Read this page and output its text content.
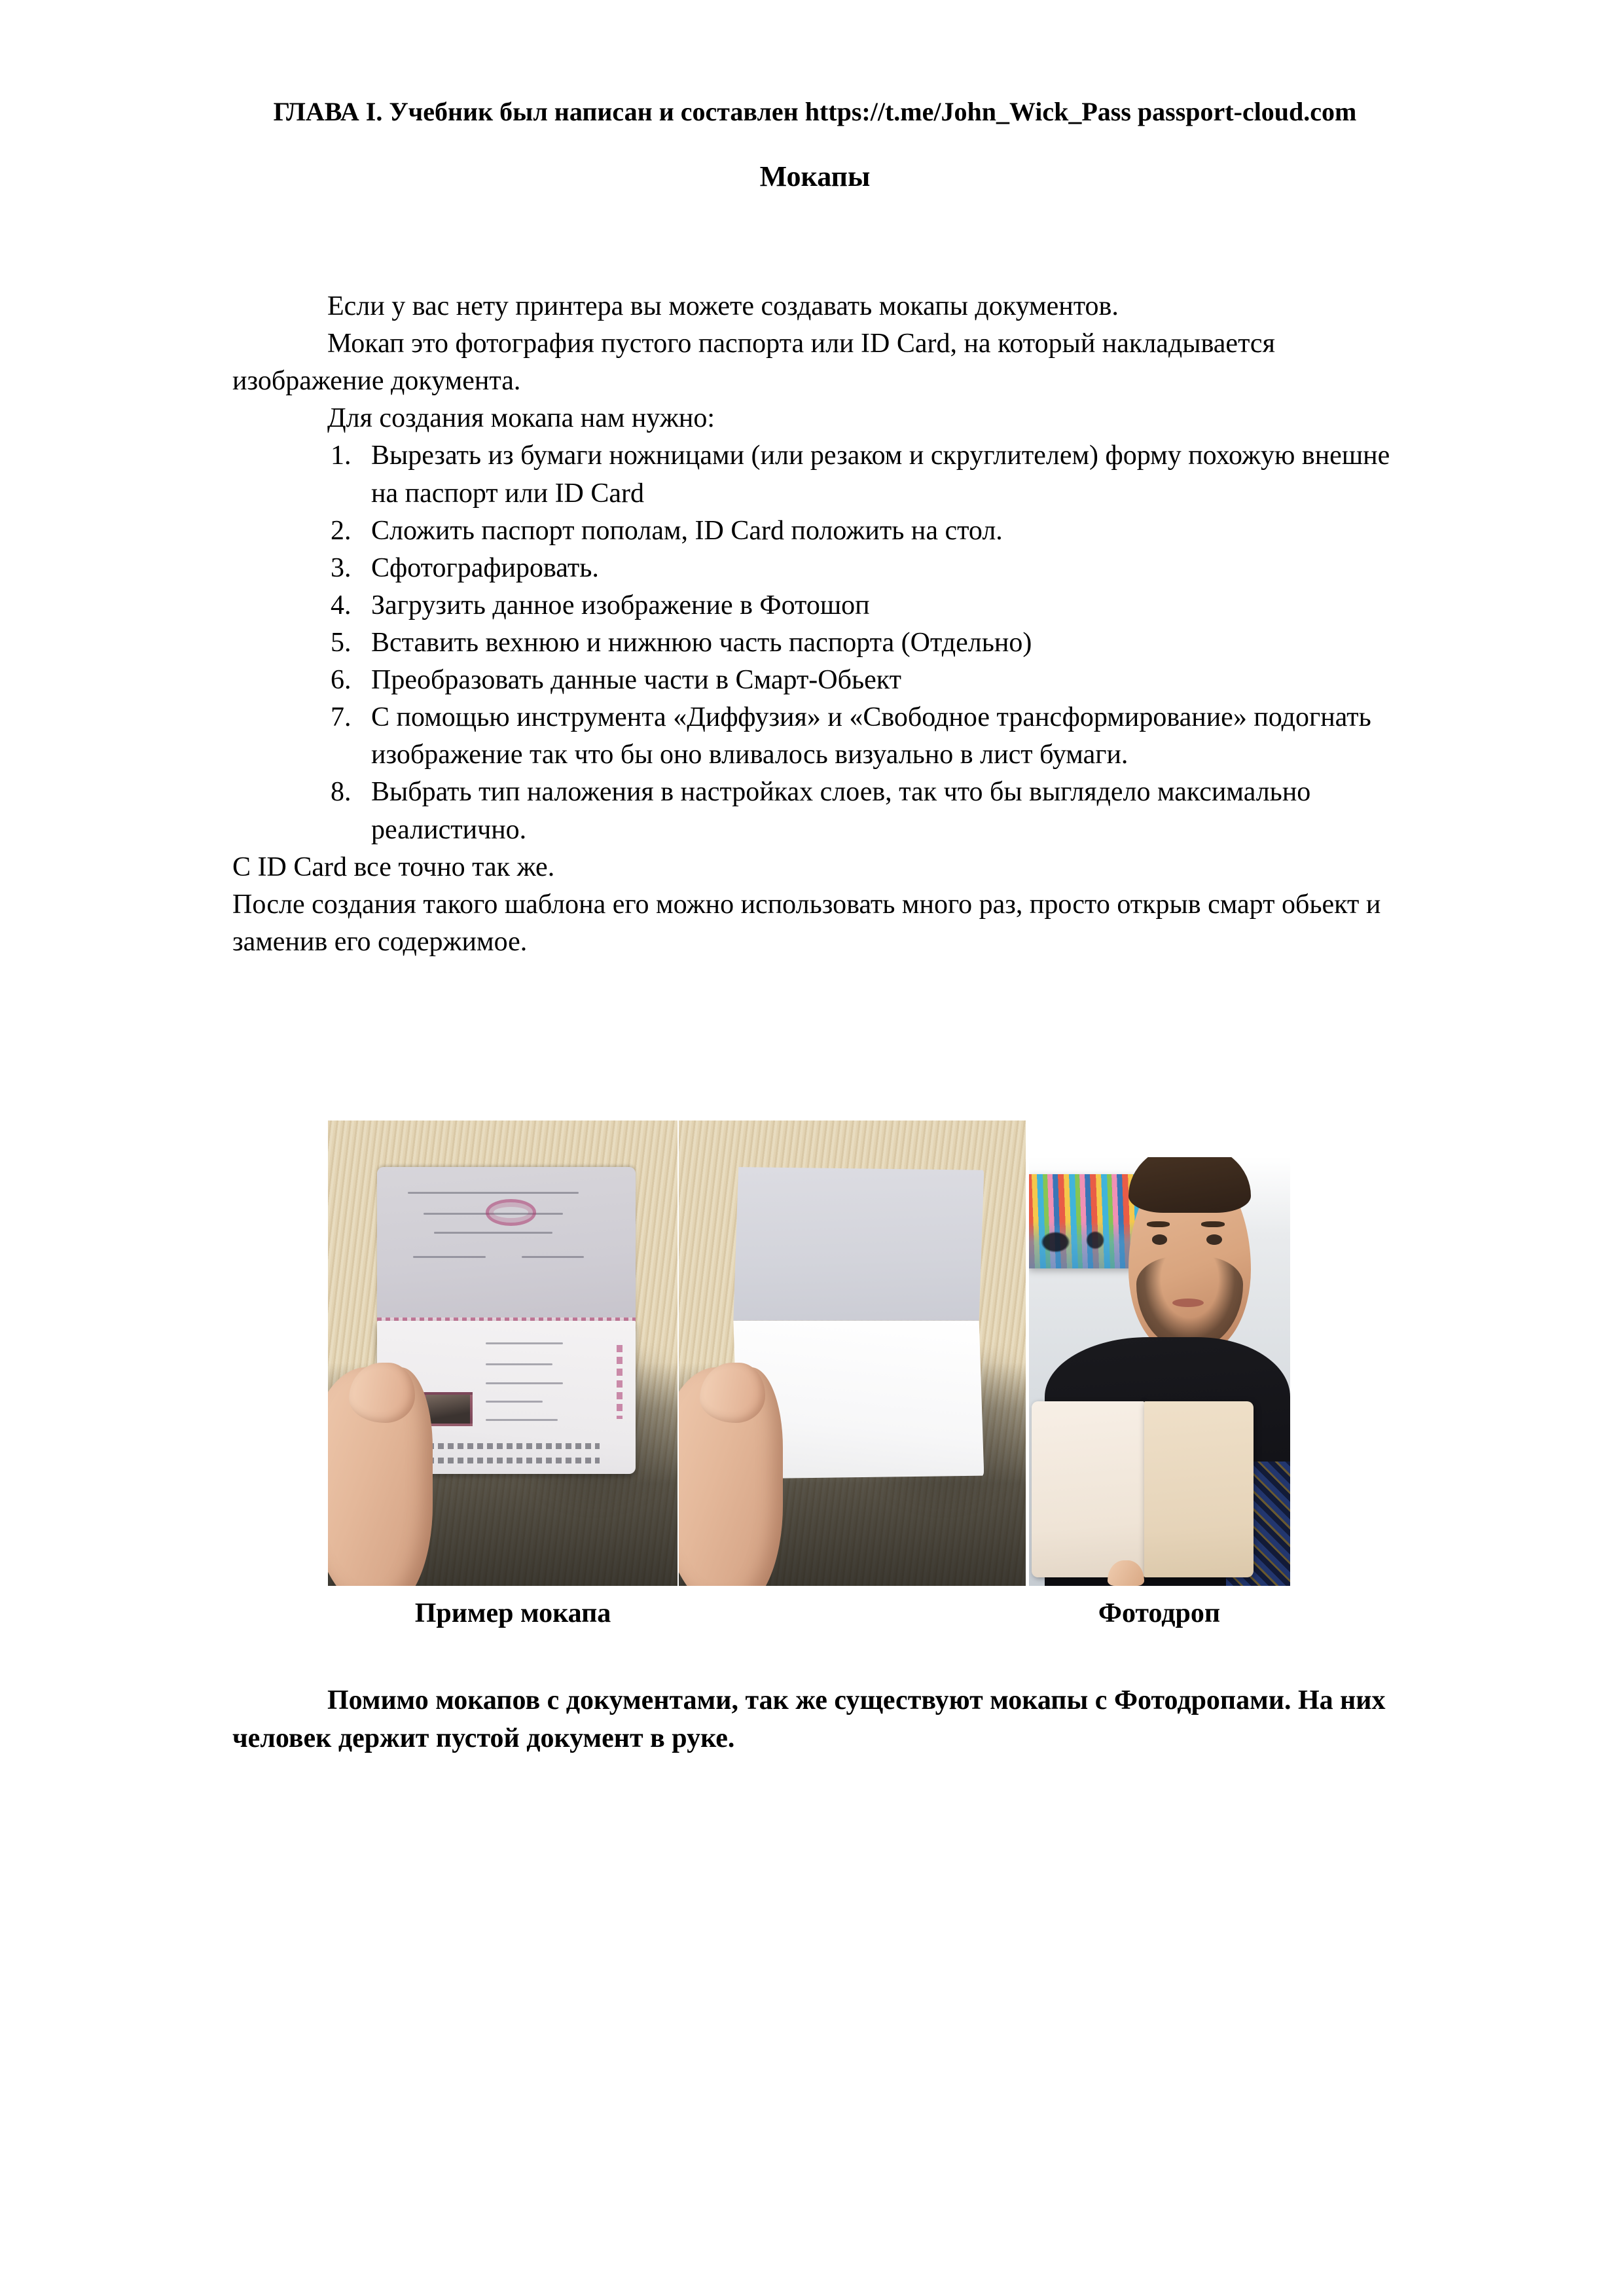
ГЛАВА I. Учебник был написан и составлен https://t.me/John_Wick_Pass passport-cloud.com
Мокапы

Если у вас нету принтера вы можете создавать мокапы документов.

Мокап это фотография пустого паспорта или ID Card, на который накладывается изображение документа.

Для создания мокапа нам нужно:

Вырезать из бумаги ножницами (или резаком и скруглителем) форму похожую внешне на паспорт или ID Card
Сложить паспорт пополам, ID Card положить на стол.
Сфотографировать.
Загрузить данное изображение в Фотошоп
Вставить вехнюю и нижнюю часть паспорта (Отдельно)
Преобразовать данные части в Смарт-Обьект
С помощью инструмента «Диффузия» и «Свободное трансформирование» подогнать изображение так что бы оно вливалось визуально в лист бумаги.
Выбрать тип наложения в настройках слоев, так что бы выглядело максимально реалистично.

С ID Card все точно так же.

После создания такого шаблона его можно использовать много раз, просто открыв смарт обьект и заменив его содержимое.

Пример мокапа	Фотодроп

Помимо мокапов с документами, так же существуют мокапы с Фотодропами. На них человек держит пустой документ в руке.
